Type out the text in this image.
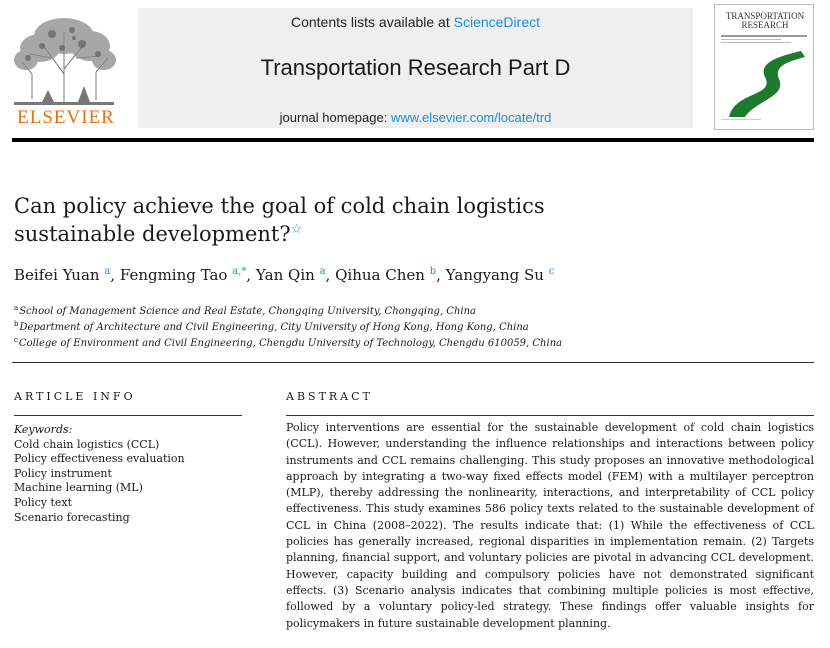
ELSEVIER
Contents lists available at ScienceDirect
Transportation Research Part D
journal homepage: www.elsevier.com/locate/trd
TRANSPORTATION RESEARCH
Can policy achieve the goal of cold chain logistics sustainable development?☆
Beifei Yuan $^a$, Fengming Tao $^{a,*}$, Yan Qin $^a$, Qihua Chen $^b$, Yangyang Su $^c$
$^a$School of Management Science and Real Estate, Chongqing University, Chongqing, China
$^b$Department of Architecture and Civil Engineering, City University of Hong Kong, Hong Kong, China
$^c$College of Environment and Civil Engineering, Chengdu University of Technology, Chengdu 610059, China
ARTICLE INFO
Keywords:
Cold chain logistics (CCL)
Policy effectiveness evaluation
Policy instrument
Machine learning (ML)
Policy text
Scenario forecasting
ABSTRACT
Policy interventions are essential for the sustainable development of cold chain logistics (CCL). However, understanding the influence relationships and interactions between policy instruments and CCL remains challenging. This study proposes an innovative methodological approach by integrating a two-way fixed effects model (FEM) with a multilayer perceptron (MLP), thereby addressing the nonlinearity, interactions, and interpretability of CCL policy effectiveness. This study examines 586 policy texts related to the sustainable development of CCL in China (2008–2022). The results indicate that: (1) While the effectiveness of CCL policies has generally increased, regional disparities in implementation remain. (2) Targets planning, financial support, and voluntary policies are pivotal in advancing CCL development. However, capacity building and compulsory policies have not demonstrated significant effects. (3) Scenario analysis indicates that combining multiple policies is most effective, followed by a voluntary policy-led strategy. These findings offer valuable insights for policymakers in future sustainable development planning.
